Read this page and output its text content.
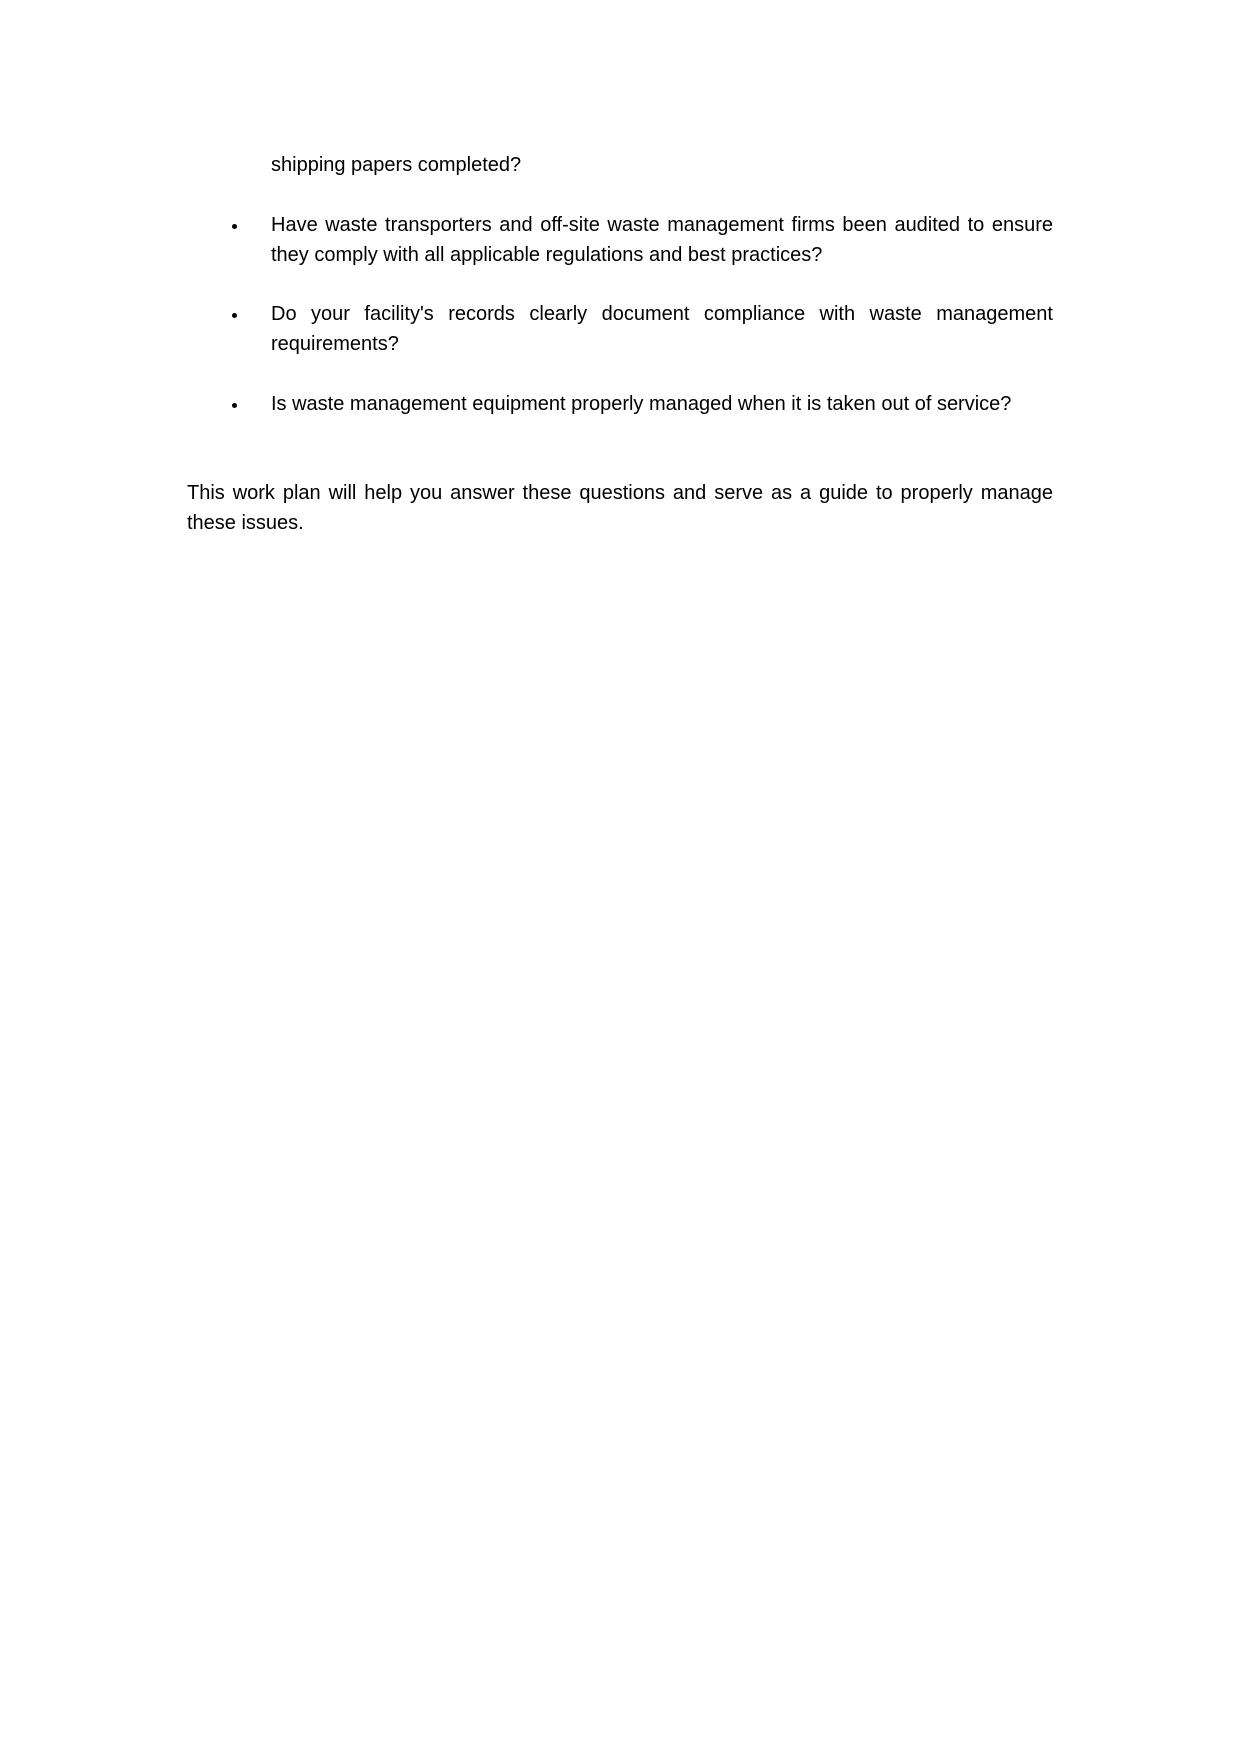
shipping papers completed?

Have waste transporters and off-site waste management firms been audited to ensure they comply with all applicable regulations and best practices?

Do your facility's records clearly document compliance with waste management requirements?

Is waste management equipment properly managed when it is taken out of service?

This work plan will help you answer these questions and serve as a guide to properly manage these issues.
